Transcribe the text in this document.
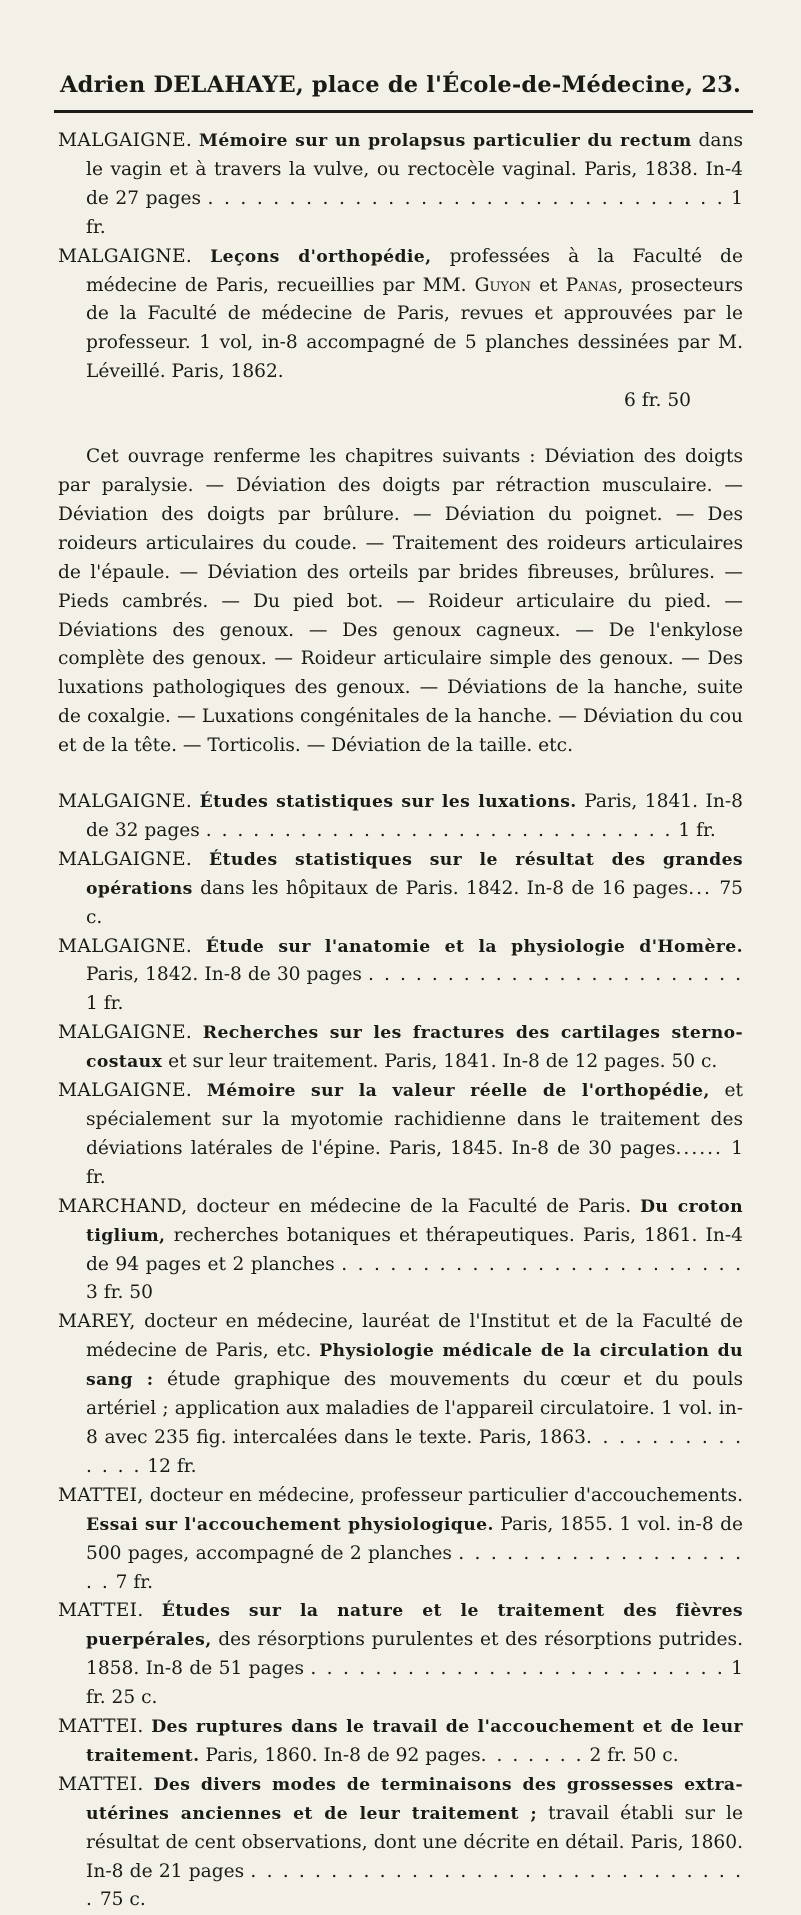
Adrien DELAHAYE, place de l'École-de-Médecine, 23.

MALGAIGNE. Mémoire sur un prolapsus particulier du rectum dans le vagin et à travers la vulve, ou rectocèle vaginal. Paris, 1838. In-4 de 27 pages . . . . . . . . . . . . . . . . . . . . . . . . . . . . . . . . 1 fr.

MALGAIGNE. Leçons d'orthopédie, professées à la Faculté de médecine de Paris, recueillies par MM. Guyon et Panas, prosecteurs de la Faculté de médecine de Paris, revues et approuvées par le professeur. 1 vol, in-8 accompagné de 5 planches dessinées par M. Léveillé. Paris, 1862.

6 fr. 50

Cet ouvrage renferme les chapitres suivants : Déviation des doigts par paralysie. — Déviation des doigts par rétraction musculaire. — Déviation des doigts par brûlure. — Déviation du poignet. — Des roideurs articulaires du coude. — Traitement des roideurs articulaires de l'épaule. — Déviation des orteils par brides fibreuses, brûlures. — Pieds cambrés. — Du pied bot. — Roideur articulaire du pied. — Déviations des genoux. — Des genoux cagneux. — De l'enkylose complète des genoux. — Roideur articulaire simple des genoux. — Des luxations pathologiques des genoux. — Déviations de la hanche, suite de coxalgie. — Luxations congénitales de la hanche. — Déviation du cou et de la tête. — Torticolis. — Déviation de la taille. etc.

MALGAIGNE. Études statistiques sur les luxations. Paris, 1841. In-8 de 32 pages . . . . . . . . . . . . . . . . . . . . . . . . . . . . . . 1 fr.

MALGAIGNE. Études statistiques sur le résultat des grandes opérations dans les hôpitaux de Paris. 1842. In-8 de 16 pages... 75 c.

MALGAIGNE. Étude sur l'anatomie et la physiologie d'Homère. Paris, 1842. In-8 de 30 pages . . . . . . . . . . . . . . . . . . . . . . . . 1 fr.

MALGAIGNE. Recherches sur les fractures des cartilages sterno-costaux et sur leur traitement. Paris, 1841. In-8 de 12 pages. 50 c.

MALGAIGNE. Mémoire sur la valeur réelle de l'orthopédie, et spécialement sur la myotomie rachidienne dans le traitement des déviations latérales de l'épine. Paris, 1845. In-8 de 30 pages...... 1 fr.

MARCHAND, docteur en médecine de la Faculté de Paris. Du croton tiglium, recherches botaniques et thérapeutiques. Paris, 1861. In-4 de 94 pages et 2 planches . . . . . . . . . . . . . . . . . . . . . . . . . 3 fr. 50

MAREY, docteur en médecine, lauréat de l'Institut et de la Faculté de médecine de Paris, etc. Physiologie médicale de la circulation du sang : étude graphique des mouvements du cœur et du pouls artériel ; application aux maladies de l'appareil circulatoire. 1 vol. in-8 avec 235 fig. intercalées dans le texte. Paris, 1863. . . . . . . . . . . . . . 12 fr.

MATTEI, docteur en médecine, professeur particulier d'accouchements. Essai sur l'accouchement physiologique. Paris, 1855. 1 vol. in-8 de 500 pages, accompagné de 2 planches . . . . . . . . . . . . . . . . . . . . 7 fr.

MATTEI. Études sur la nature et le traitement des fièvres puerpérales, des résorptions purulentes et des résorptions putrides. 1858. In-8 de 51 pages . . . . . . . . . . . . . . . . . . . . . . . . . . 1 fr. 25 c.

MATTEI. Des ruptures dans le travail de l'accouchement et de leur traitement. Paris, 1860. In-8 de 92 pages. . . . . . . 2 fr. 50 c.

MATTEI. Des divers modes de terminaisons des grossesses extra-utérines anciennes et de leur traitement ; travail établi sur le résultat de cent observations, dont une décrite en détail. Paris, 1860. In-8 de 21 pages . . . . . . . . . . . . . . . . . . . . . . . . . . . . . . . . 75 c.
